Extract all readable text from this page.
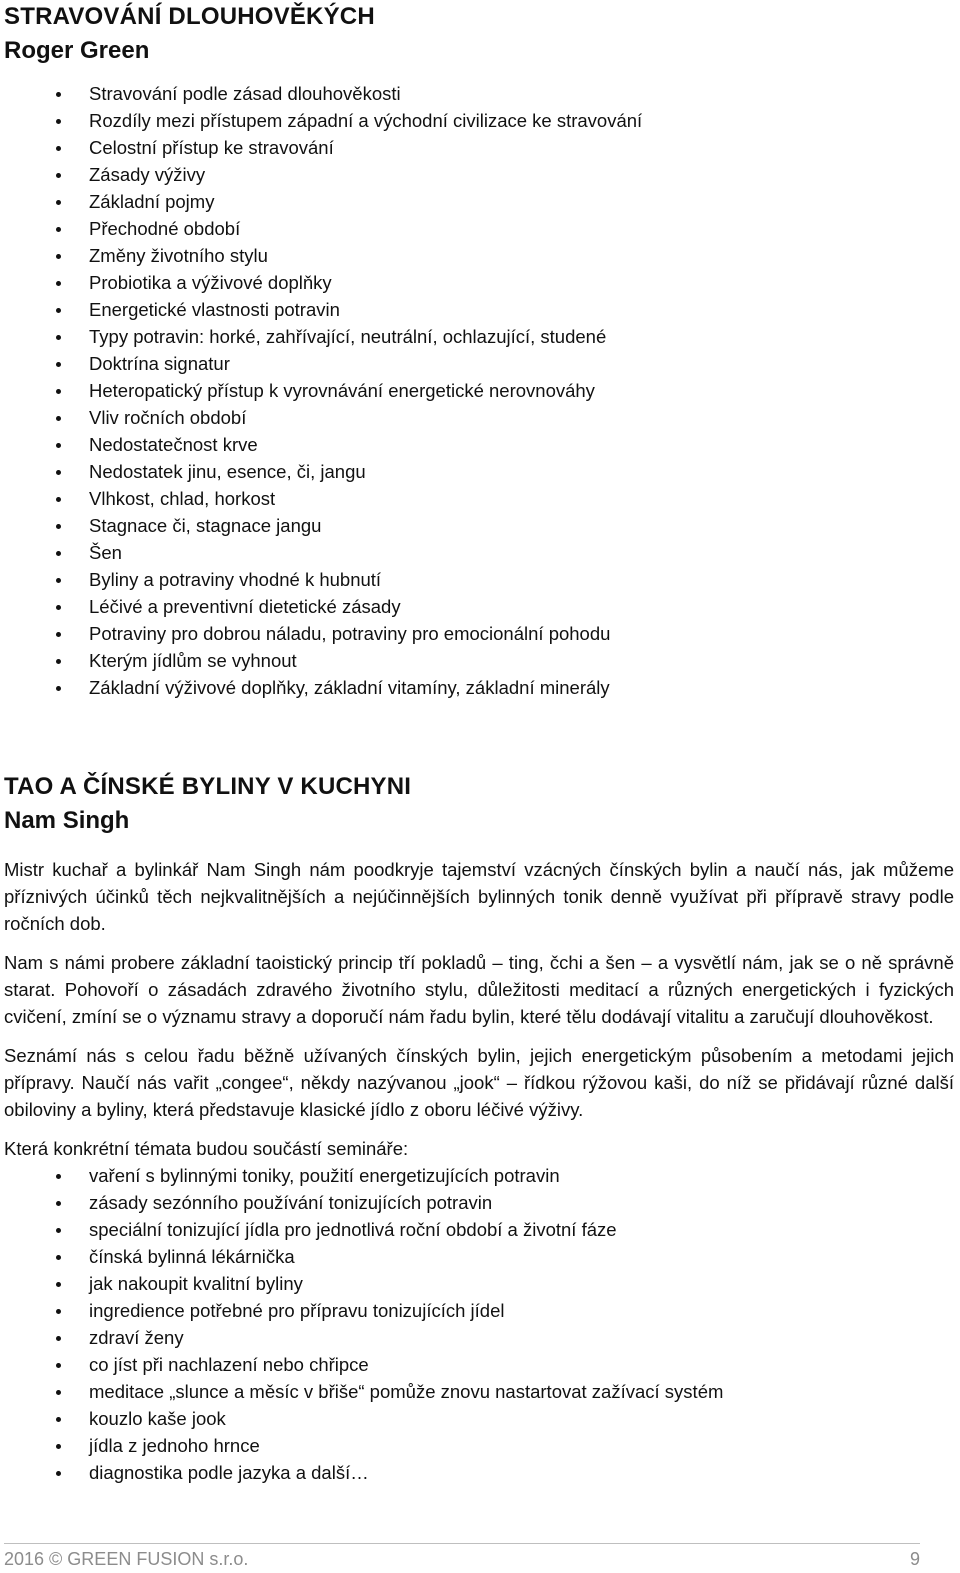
STRAVOVÁNÍ DLOUHOVĚKÝCH
Roger Green
Stravování podle zásad dlouhověkosti
Rozdíly mezi přístupem západní a východní civilizace ke stravování
Celostní přístup ke stravování
Zásady výživy
Základní pojmy
Přechodné období
Změny životního stylu
Probiotika a výživové doplňky
Energetické vlastnosti potravin
Typy potravin: horké, zahřívající, neutrální, ochlazující, studené
Doktrína signatur
Heteropatický přístup k vyrovnávání energetické nerovnováhy
Vliv ročních období
Nedostatečnost krve
Nedostatek jinu, esence, či, jangu
Vlhkost, chlad, horkost
Stagnace či, stagnace jangu
Šen
Byliny a potraviny vhodné k hubnutí
Léčivé a preventivní dietetické zásady
Potraviny pro dobrou náladu, potraviny pro emocionální pohodu
Kterým jídlům se vyhnout
Základní výživové doplňky, základní vitamíny, základní minerály
TAO A ČÍNSKÉ BYLINY V KUCHYNI
Nam Singh

Mistr kuchař a bylinkář Nam Singh nám poodkryje tajemství vzácných čínských bylin a naučí nás, jak můžeme příznivých účinků těch nejkvalitnějších a nejúčinnějších bylinných tonik denně využívat při přípravě stravy podle ročních dob.

Nam s námi probere základní taoistický princip tří pokladů – ting, čchi a šen – a vysvětlí nám, jak se o ně správně starat. Pohovoří o zásadách zdravého životního stylu, důležitosti meditací a různých energetických i fyzických cvičení, zmíní se o významu stravy a doporučí nám řadu bylin, které tělu dodávají vitalitu a zaručují dlouhověkost.

Seznámí nás s celou řadu běžně užívaných čínských bylin, jejich energetickým působením a metodami jejich přípravy. Naučí nás vařit „congee“, někdy nazývanou „jook“ – řídkou rýžovou kaši, do níž se přidávají různé další obiloviny a byliny, která představuje klasické jídlo z oboru léčivé výživy.

Která konkrétní témata budou součástí semináře:

vaření s bylinnými toniky, použití energetizujících potravin
zásady sezónního používání tonizujících potravin
speciální tonizující jídla pro jednotlivá roční období a životní fáze
čínská bylinná lékárnička
jak nakoupit kvalitní byliny
ingredience potřebné pro přípravu tonizujících jídel
zdraví ženy
co jíst při nachlazení nebo chřipce
meditace „slunce a měsíc v břiše“ pomůže znovu nastartovat zažívací systém
kouzlo kaše jook
jídla z jednoho hrnce
diagnostika podle jazyka a další…
2016 © GREEN FUSION s.r.o.	9
